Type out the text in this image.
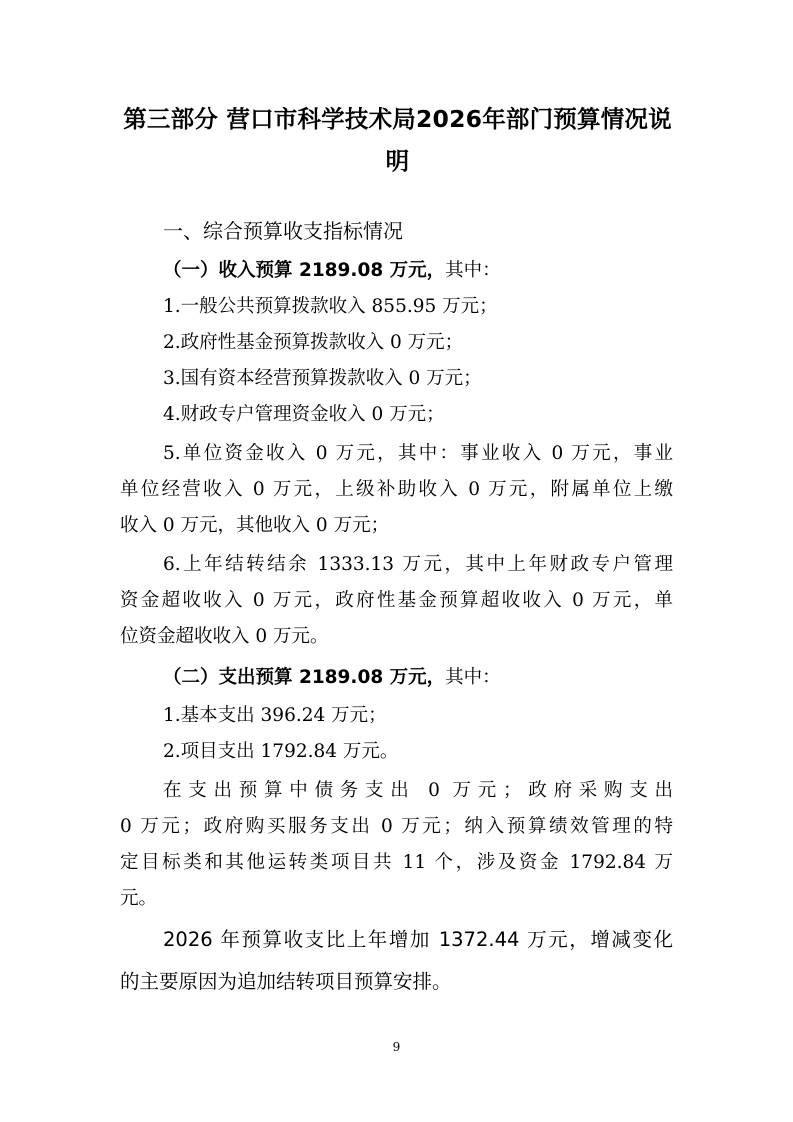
第三部分 营口市科学技术局2026年部门预算情况说
明
一、综合预算收支指标情况
（一）收入预算 2189.08 万元，其中：
1.一般公共预算拨款收入 855.95 万元；
2.政府性基金预算拨款收入 0 万元；
3.国有资本经营预算拨款收入 0 万元；
4.财政专户管理资金收入 0 万元；
5.单位资金收入 0 万元，其中：事业收入 0 万元，事业
单位经营收入 0 万元，上级补助收入 0 万元，附属单位上缴
收入 0 万元，其他收入 0 万元；
6.上年结转结余 1333.13 万元，其中上年财政专户管理
资金超收收入 0 万元，政府性基金预算超收收入 0 万元，单
位资金超收收入 0 万元。
（二）支出预算 2189.08 万元，其中：
1.基本支出 396.24 万元；
2.项目支出 1792.84 万元。
在支出预算中债务支出 0 万元；政府采购支出
0 万元；政府购买服务支出 0 万元；纳入预算绩效管理的特
定目标类和其他运转类项目共 11 个，涉及资金 1792.84 万
元。
2026 年预算收支比上年增加 1372.44 万元，增减变化
的主要原因为追加结转项目预算安排。
9
